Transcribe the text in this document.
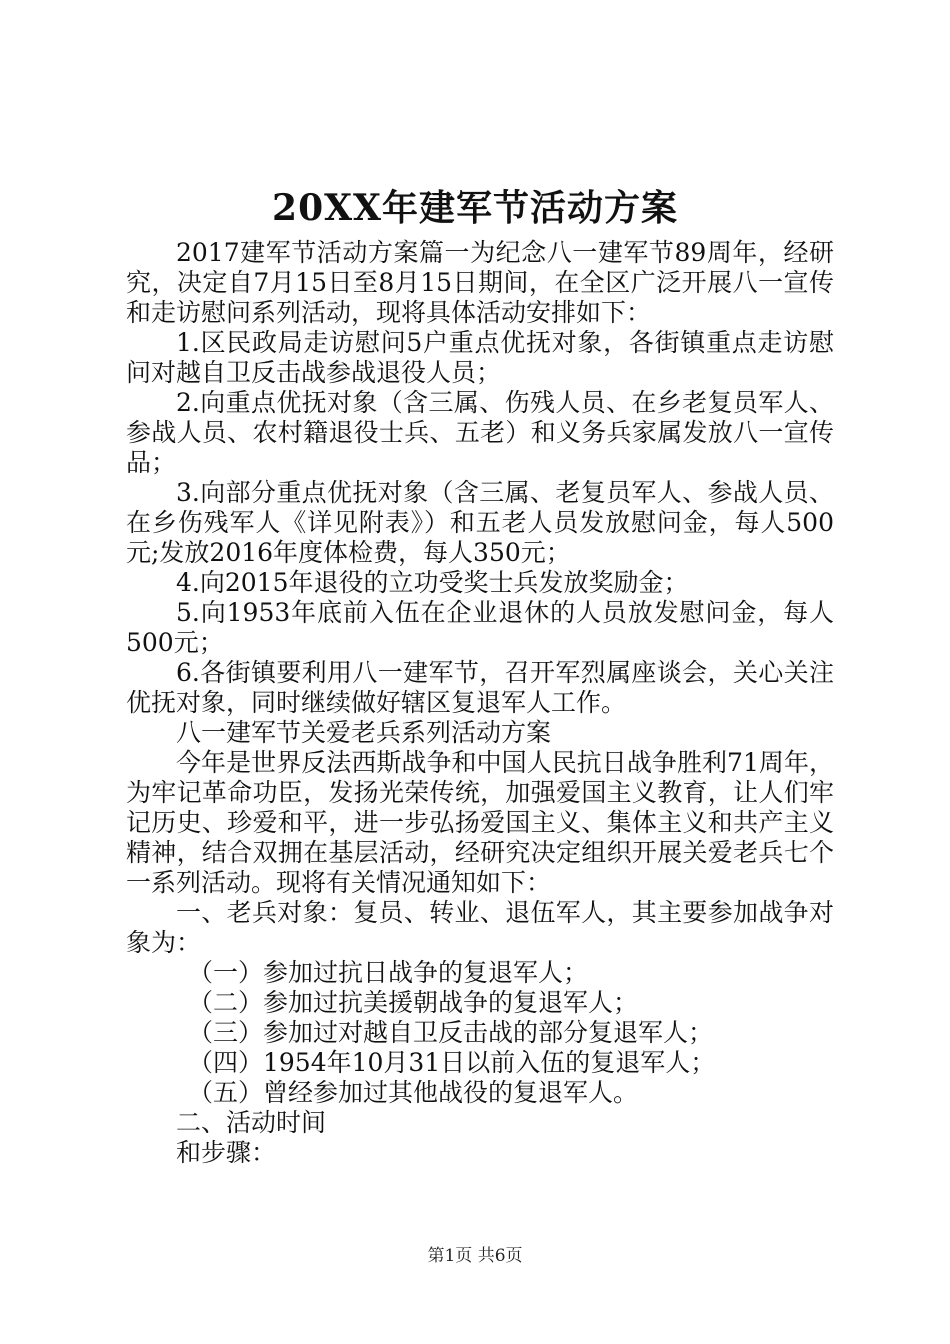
20XX年建军节活动方案

2017建军节活动方案篇一为纪念八一建军节89周年，经研究，决定自7月15日至8月15日期间，在全区广泛开展八一宣传和走访慰问系列活动，现将具体活动安排如下：

1.区民政局走访慰问5户重点优抚对象，各街镇重点走访慰问对越自卫反击战参战退役人员；

2.向重点优抚对象（含三属、伤残人员、在乡老复员军人、参战人员、农村籍退役士兵、五老）和义务兵家属发放八一宣传品；

3.向部分重点优抚对象（含三属、老复员军人、参战人员、在乡伤残军人《详见附表》）和五老人员发放慰问金，每人500元;发放2016年度体检费，每人350元；

4.向2015年退役的立功受奖士兵发放奖励金；

5.向1953年底前入伍在企业退休的人员放发慰问金，每人500元；

6.各街镇要利用八一建军节，召开军烈属座谈会，关心关注优抚对象，同时继续做好辖区复退军人工作。

八一建军节关爱老兵系列活动方案

今年是世界反法西斯战争和中国人民抗日战争胜利71周年，为牢记革命功臣，发扬光荣传统，加强爱国主义教育，让人们牢记历史、珍爱和平，进一步弘扬爱国主义、集体主义和共产主义精神，结合双拥在基层活动，经研究决定组织开展关爱老兵七个一系列活动。现将有关情况通知如下：

一、老兵对象：复员、转业、退伍军人，其主要参加战争对象为：

（一）参加过抗日战争的复退军人；

（二）参加过抗美援朝战争的复退军人；

（三）参加过对越自卫反击战的部分复退军人；

（四）1954年10月31日以前入伍的复退军人；

（五）曾经参加过其他战役的复退军人。

二、活动时间

和步骤：

第1页 共6页
